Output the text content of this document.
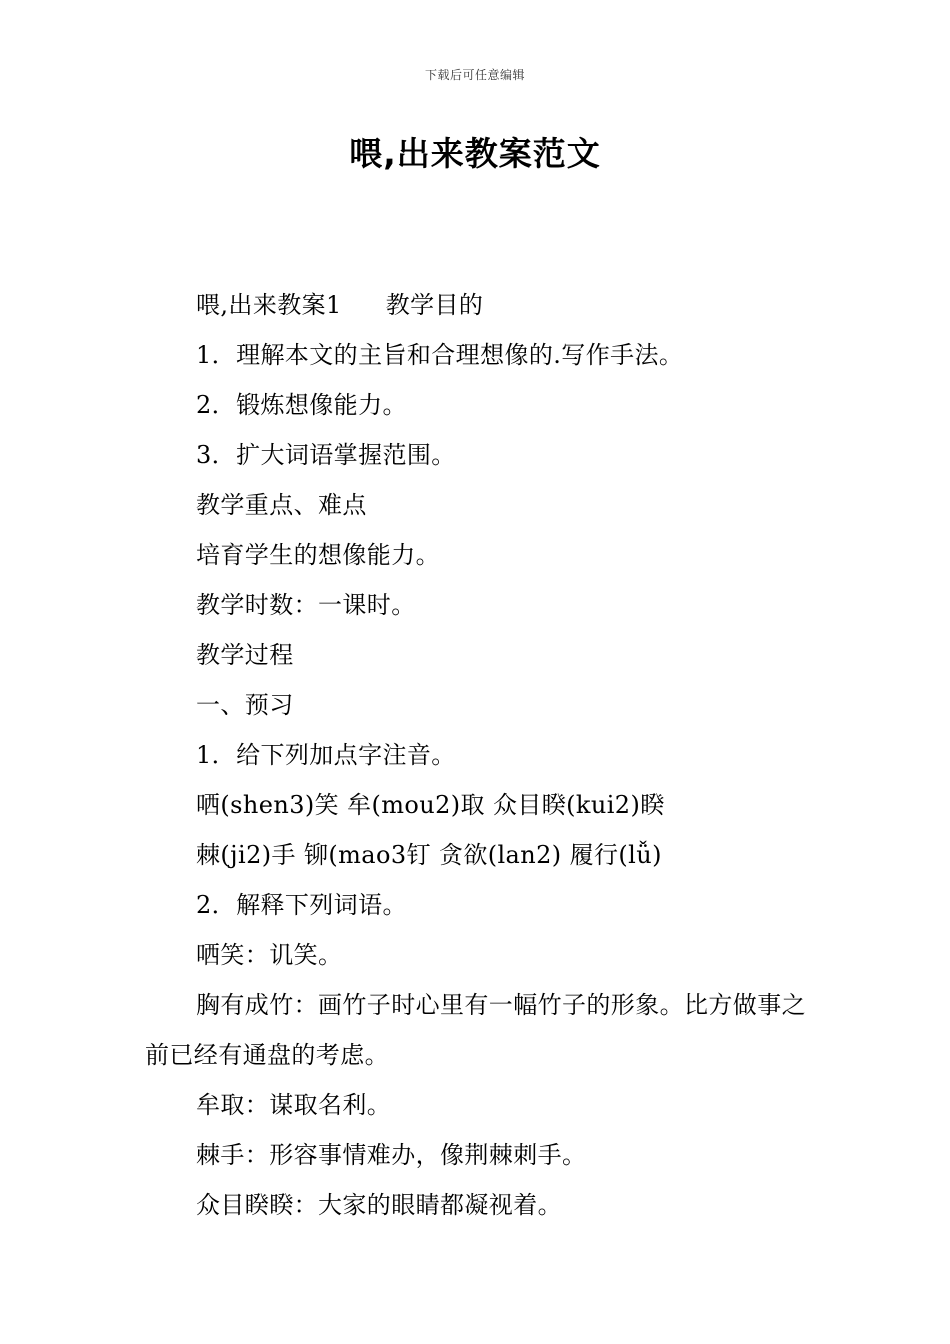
下载后可任意编辑
喂,出来教案范文
喂,出来教案1 教学目的
1．理解本文的主旨和合理想像的.写作手法。
2．锻炼想像能力。
3．扩大词语掌握范围。
教学重点、难点
培育学生的想像能力。
教学时数：一课时。
教学过程
一、预习
1．给下列加点字注音。
哂(shen3)笑 牟(mou2)取 众目睽(kui2)睽
棘(ji2)手 铆(mao3钉 贪欲(lan2) 履行(lǚ)
2．解释下列词语。
哂笑：讥笑。
胸有成竹：画竹子时心里有一幅竹子的形象。比方做事之前已经有通盘的考虑。
牟取：谋取名利。
棘手：形容事情难办，像荆棘刺手。
众目睽睽：大家的眼睛都凝视着。
